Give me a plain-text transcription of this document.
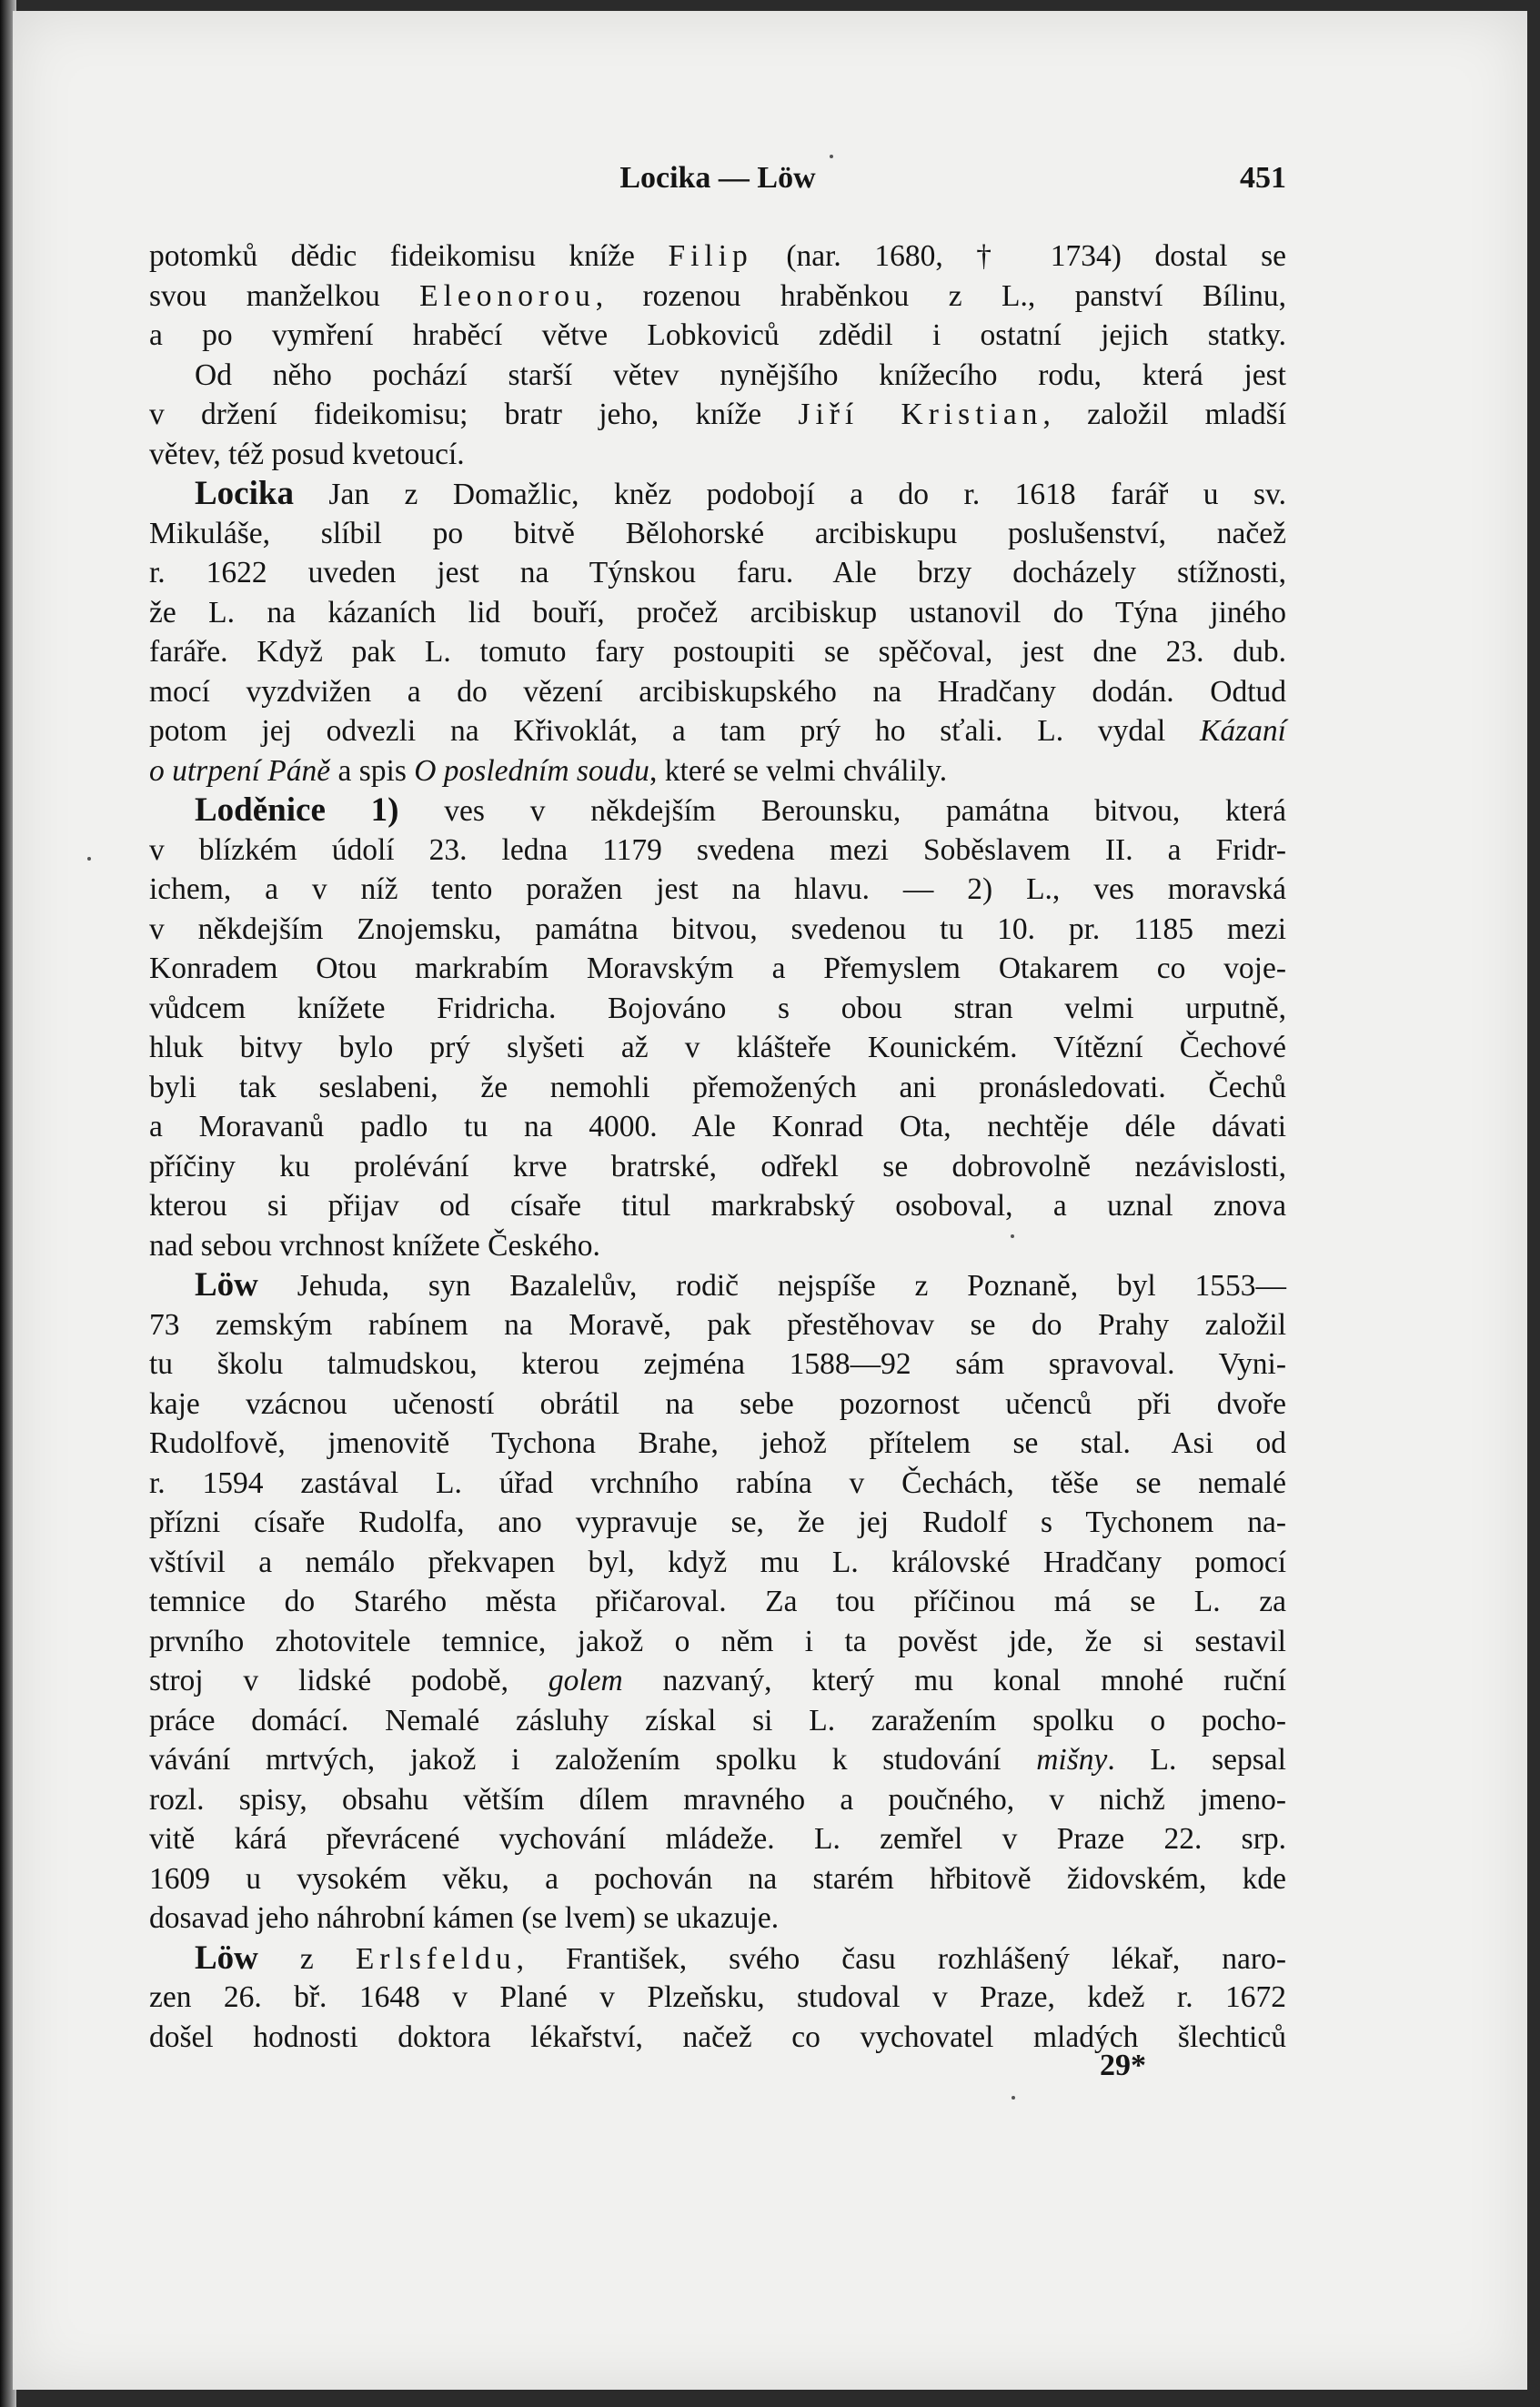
Locika — Löw	451
potomků dědic fideikomisu kníže Filip (nar. 1680, † 1734) dostal se
svou manželkou Eleonorou, rozenou hraběnkou z L., panství Bílinu,
a po vymření hraběcí větve Lobkoviců zdědil i ostatní jejich statky.
Od něho pochází starší větev nynějšího knížecího rodu, která jest
v držení fideikomisu; bratr jeho, kníže Jiří Kristian, založil mladší
větev, též posud kvetoucí.
Locika Jan z Domažlic, kněz podobojí a do r. 1618 farář u sv.
Mikuláše, slíbil po bitvě Bělohorské arcibiskupu poslušenství, načež
r. 1622 uveden jest na Týnskou faru. Ale brzy docházely stížnosti,
že L. na kázaních lid bouří, pročež arcibiskup ustanovil do Týna jiného
faráře. Když pak L. tomuto fary postoupiti se spěčoval, jest dne 23. dub.
mocí vyzdvižen a do vězení arcibiskupského na Hradčany dodán. Odtud
potom jej odvezli na Křivoklát, a tam prý ho sťali. L. vydal Kázaní
o utrpení Páně a spis O posledním soudu, které se velmi chválily.
Loděnice 1) ves v někdejším Berounsku, památna bitvou, která
v blízkém údolí 23. ledna 1179 svedena mezi Soběslavem II. a Fridr-
ichem, a v níž tento poražen jest na hlavu. — 2) L., ves moravská
v někdejším Znojemsku, památna bitvou, svedenou tu 10. pr. 1185 mezi
Konradem Otou markrabím Moravským a Přemyslem Otakarem co voje-
vůdcem knížete Fridricha. Bojováno s obou stran velmi urputně,
hluk bitvy bylo prý slyšeti až v klášteře Kounickém. Vítězní Čechové
byli tak seslabeni, že nemohli přemožených ani pronásledovati. Čechů
a Moravanů padlo tu na 4000. Ale Konrad Ota, nechtěje déle dávati
příčiny ku prolévání krve bratrské, odřekl se dobrovolně nezávislosti,
kterou si přijav od císaře titul markrabský osoboval, a uznal znova
nad sebou vrchnost knížete Českého.
Löw Jehuda, syn Bazalelův, rodič nejspíše z Poznaně, byl 1553—
73 zemským rabínem na Moravě, pak přestěhovav se do Prahy založil
tu školu talmudskou, kterou zejména 1588—92 sám spravoval. Vyni-
kaje vzácnou učeností obrátil na sebe pozornost učenců při dvoře
Rudolfově, jmenovitě Tychona Brahe, jehož přítelem se stal. Asi od
r. 1594 zastával L. úřad vrchního rabína v Čechách, těše se nemalé
přízni císaře Rudolfa, ano vypravuje se, že jej Rudolf s Tychonem na-
vštívil a nemálo překvapen byl, když mu L. královské Hradčany pomocí
temnice do Starého města přičaroval. Za tou příčinou má se L. za
prvního zhotovitele temnice, jakož o něm i ta pověst jde, že si sestavil
stroj v lidské podobě, golem nazvaný, který mu konal mnohé ruční
práce domácí. Nemalé zásluhy získal si L. zaražením spolku o pocho-
vávání mrtvých, jakož i založením spolku k studování mišny. L. sepsal
rozl. spisy, obsahu větším dílem mravného a poučného, v nichž jmeno-
vitě kárá převrácené vychování mládeže. L. zemřel v Praze 22. srp.
1609 u vysokém věku, a pochován na starém hřbitově židovském, kde
dosavad jeho náhrobní kámen (se lvem) se ukazuje.
Löw z Erlsfeldu, František, svého času rozhlášený lékař, naro-
zen 26. bř. 1648 v Plané v Plzeňsku, studoval v Praze, kdež r. 1672
došel hodnosti doktora lékařství, načež co vychovatel mladých šlechticů
29*
